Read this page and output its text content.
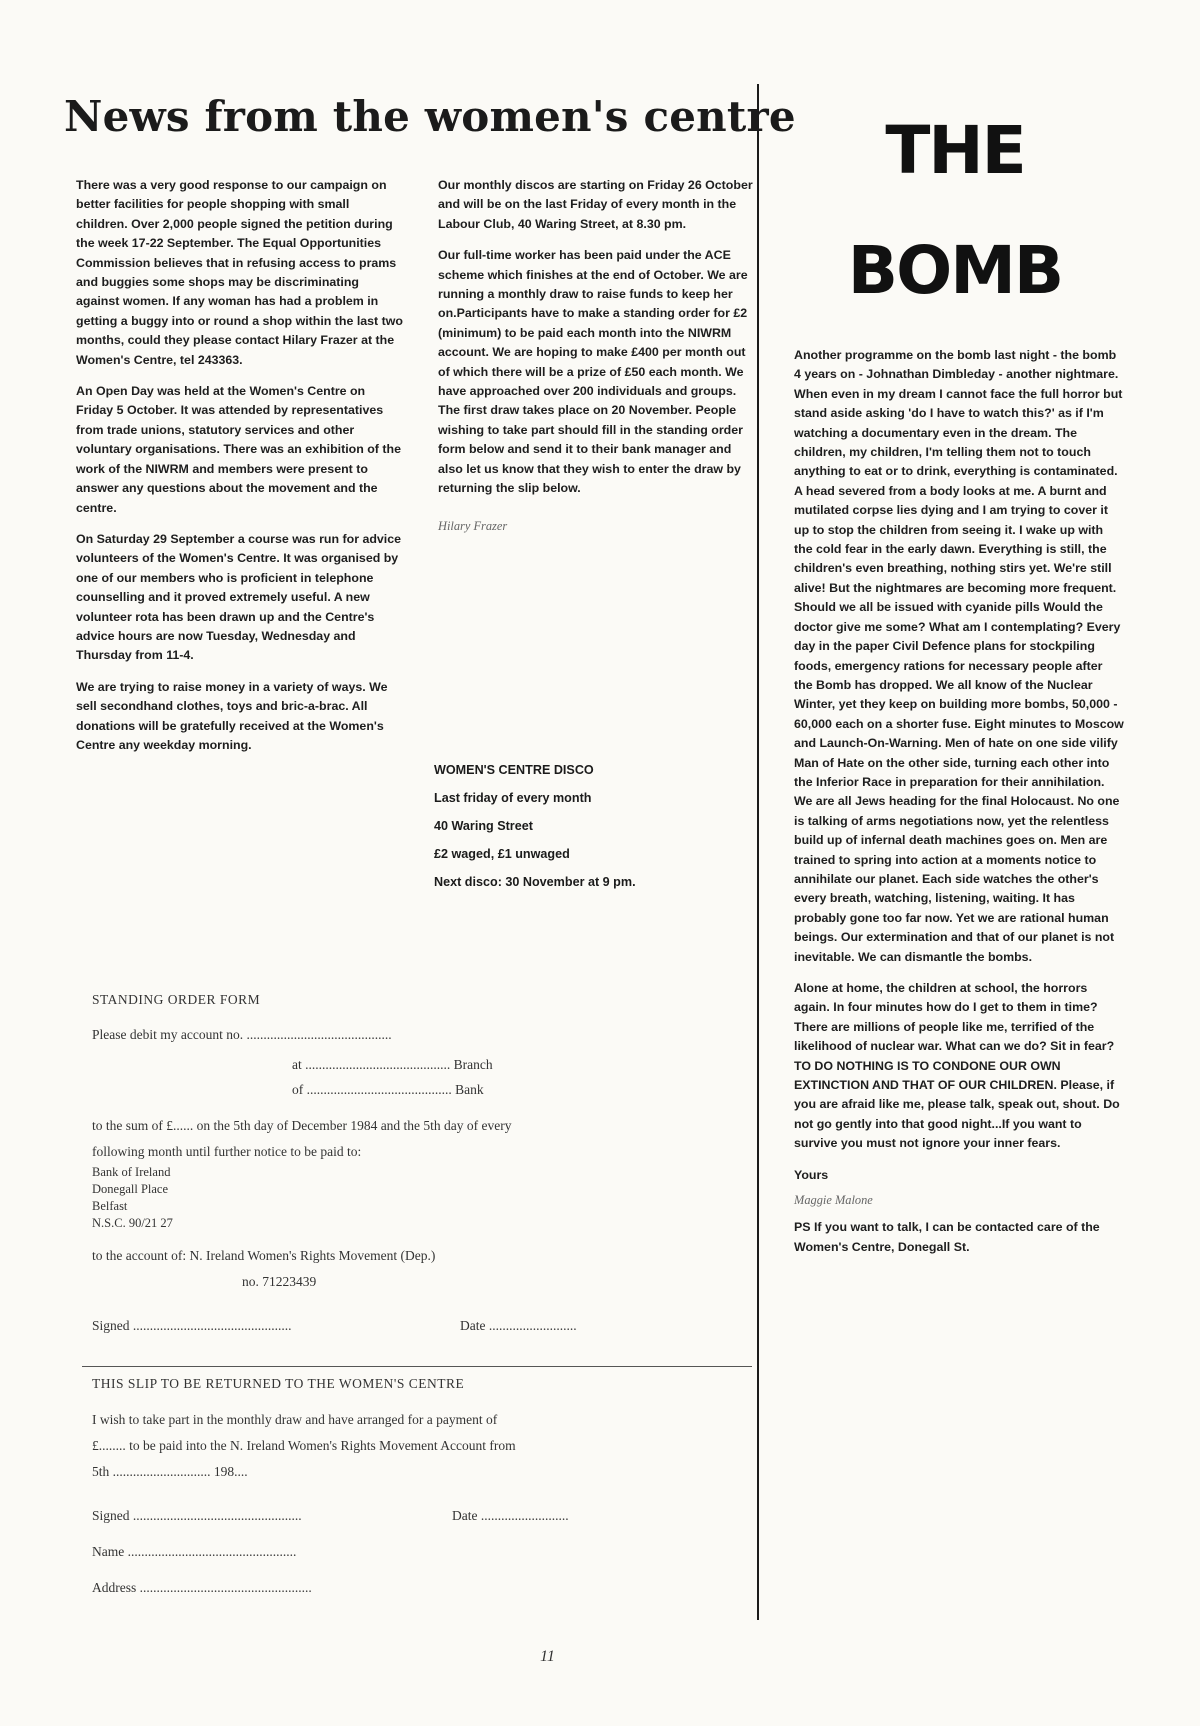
News from the women's centre	THE
BOMB

There was a very good response to our campaign on better facilities for people shopping with small children. Over 2,000 people signed the petition during the week 17-22 September. The Equal Opportunities Commission believes that in refusing access to prams and buggies some shops may be discriminating against women. If any woman has had a problem in getting a buggy into or round a shop within the last two months, could they please contact Hilary Frazer at the Women's Centre, tel 243363.

An Open Day was held at the Women's Centre on Friday 5 October. It was attended by representatives from trade unions, statutory services and other voluntary organisations. There was an exhibition of the work of the NIWRM and members were present to answer any questions about the movement and the centre.

On Saturday 29 September a course was run for advice volunteers of the Women's Centre. It was organised by one of our members who is proficient in telephone counselling and it proved extremely useful. A new volunteer rota has been drawn up and the Centre's advice hours are now Tuesday, Wednesday and Thursday from 11-4.

We are trying to raise money in a variety of ways. We sell secondhand clothes, toys and bric-a-brac. All donations will be gratefully received at the Women's Centre any weekday morning.

Our monthly discos are starting on Friday 26 October and will be on the last Friday of every month in the Labour Club, 40 Waring Street, at 8.30 pm.

Our full-time worker has been paid under the ACE scheme which finishes at the end of October. We are running a monthly draw to raise funds to keep her on.Participants have to make a standing order for £2 (minimum) to be paid each month into the NIWRM account. We are hoping to make £400 per month out of which there will be a prize of £50 each month. We have approached over 200 individuals and groups. The first draw takes place on 20 November. People wishing to take part should fill in the standing order form below and send it to their bank manager and also let us know that they wish to enter the draw by returning the slip below.

Hilary Frazer

WOMEN'S CENTRE DISCO
Last friday of every month
40 Waring Street
£2 waged, £1 unwaged
Next disco: 30 November at 9 pm.

Another programme on the bomb last night - the bomb 4 years on - Johnathan Dimbleday - another nightmare. When even in my dream I cannot face the full horror but stand aside asking 'do I have to watch this?' as if I'm watching a documentary even in the dream. The children, my children, I'm telling them not to touch anything to eat or to drink, everything is contaminated. A head severed from a body looks at me. A burnt and mutilated corpse lies dying and I am trying to cover it up to stop the children from seeing it. I wake up with the cold fear in the early dawn. Everything is still, the children's even breathing, nothing stirs yet. We're still alive! But the nightmares are becoming more frequent. Should we all be issued with cyanide pills Would the doctor give me some? What am I contemplating? Every day in the paper Civil Defence plans for stockpiling foods, emergency rations for necessary people after the Bomb has dropped. We all know of the Nuclear Winter, yet they keep on building more bombs, 50,000 - 60,000 each on a shorter fuse. Eight minutes to Moscow and Launch-On-Warning. Men of hate on one side vilify Man of Hate on the other side, turning each other into the Inferior Race in preparation for their annihilation. We are all Jews heading for the final Holocaust. No one is talking of arms negotiations now, yet the relentless build up of infernal death machines goes on. Men are trained to spring into action at a moments notice to annihilate our planet. Each side watches the other's every breath, watching, listening, waiting. It has probably gone too far now. Yet we are rational human beings. Our extermination and that of our planet is not inevitable. We can dismantle the bombs.

Alone at home, the children at school, the horrors again. In four minutes how do I get to them in time? There are millions of people like me, terrified of the likelihood of nuclear war. What can we do? Sit in fear? TO DO NOTHING IS TO CONDONE OUR OWN EXTINCTION AND THAT OF OUR CHILDREN. Please, if you are afraid like me, please talk, speak out, shout. Do not go gently into that good night...If you want to survive you must not ignore your inner fears.

Yours

Maggie Malone

PS If you want to talk, I can be contacted care of the Women's Centre, Donegall St.

STANDING ORDER FORM
Please debit my account no. ...........................................
at ........................................... Branch
of ........................................... Bank
to the sum of £...... on the 5th day of December 1984 and the 5th day of every
following month until further notice to be paid to:
Bank of Ireland
Donegall Place
Belfast
N.S.C. 90/21 27
to the account of: N. Ireland Women's Rights Movement (Dep.)
no. 71223439
Signed ...............................................	Date ..........................
THIS SLIP TO BE RETURNED TO THE WOMEN'S CENTRE
I wish to take part in the monthly draw and have arranged for a payment of
£........ to be paid into the N. Ireland Women's Rights Movement Account from
5th ............................. 198....
Signed ..................................................	Date ..........................
Name ..................................................
Address ...................................................
11
